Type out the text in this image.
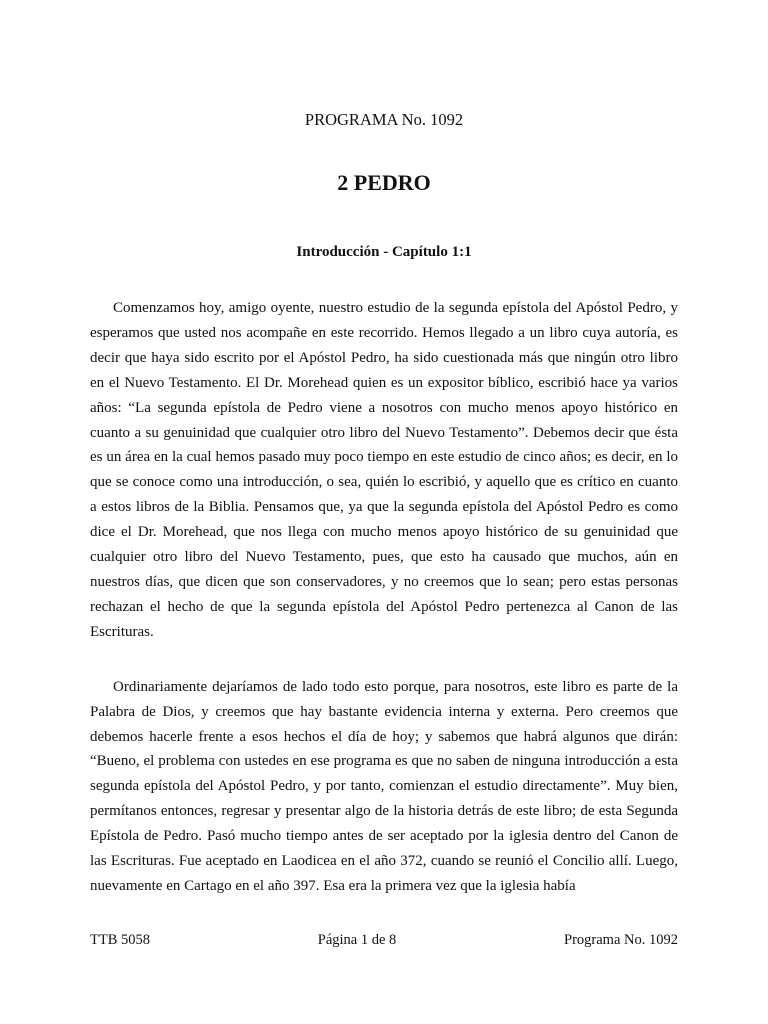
PROGRAMA No. 1092
2 PEDRO
Introducción - Capítulo 1:1

Comenzamos hoy, amigo oyente, nuestro estudio de la segunda epístola del Apóstol Pedro, y esperamos que usted nos acompañe en este recorrido. Hemos llegado a un libro cuya autoría, es decir que haya sido escrito por el Apóstol Pedro, ha sido cuestionada más que ningún otro libro en el Nuevo Testamento. El Dr. Morehead quien es un expositor bíblico, escribió hace ya varios años: “La segunda epístola de Pedro viene a nosotros con mucho menos apoyo histórico en cuanto a su genuinidad que cualquier otro libro del Nuevo Testamento”. Debemos decir que ésta es un área en la cual hemos pasado muy poco tiempo en este estudio de cinco años; es decir, en lo que se conoce como una introducción, o sea, quién lo escribió, y aquello que es crítico en cuanto a estos libros de la Biblia. Pensamos que, ya que la segunda epístola del Apóstol Pedro es como dice el Dr. Morehead, que nos llega con mucho menos apoyo histórico de su genuinidad que cualquier otro libro del Nuevo Testamento, pues, que esto ha causado que muchos, aún en nuestros días, que dicen que son conservadores, y no creemos que lo sean; pero estas personas rechazan el hecho de que la segunda epístola del Apóstol Pedro pertenezca al Canon de las Escrituras.

Ordinariamente dejaríamos de lado todo esto porque, para nosotros, este libro es parte de la Palabra de Dios, y creemos que hay bastante evidencia interna y externa. Pero creemos que debemos hacerle frente a esos hechos el día de hoy; y sabemos que habrá algunos que dirán: “Bueno, el problema con ustedes en ese programa es que no saben de ninguna introducción a esta segunda epístola del Apóstol Pedro, y por tanto, comienzan el estudio directamente”. Muy bien, permítanos entonces, regresar y presentar algo de la historia detrás de este libro; de esta Segunda Epístola de Pedro. Pasó mucho tiempo antes de ser aceptado por la iglesia dentro del Canon de las Escrituras. Fue aceptado en Laodicea en el año 372, cuando se reunió el Concilio allí. Luego, nuevamente en Cartago en el año 397. Esa era la primera vez que la iglesia había

TTB 5058	Página 1 de 8	Programa No. 1092
